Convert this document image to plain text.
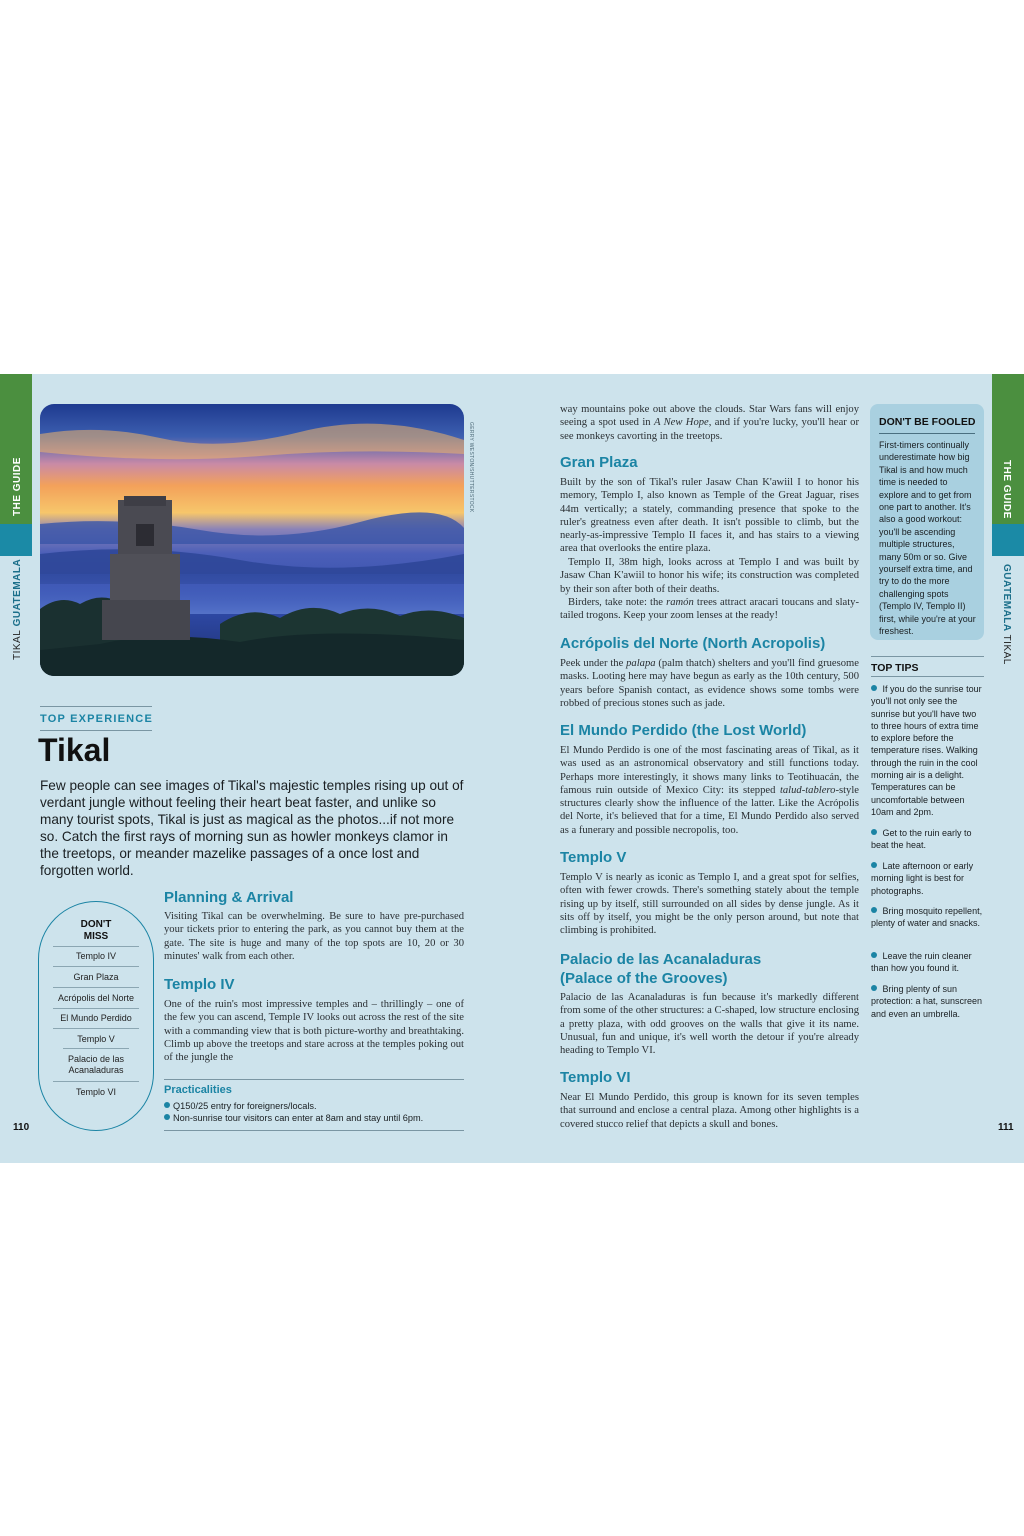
THE GUIDE
TIKAL GUATEMALA
THE GUIDE
GUATEMALA TIKAL
GERRY WESTON/SHUTTERSTOCK
TOP EXPERIENCE
Tikal
Few people can see images of Tikal's majestic temples rising up out of verdant jungle without feeling their heart beat faster, and unlike so many tourist spots, Tikal is just as magical as the photos...if not more so. Catch the first rays of morning sun as howler monkeys clamor in the treetops, or meander mazelike passages of a once lost and forgotten world.
DON'T
MISS
Templo IV
Gran Plaza
Acrópolis del Norte
El Mundo Perdido
Templo V
Palacio de las Acanaladuras
Templo VI
Planning & Arrival
Visiting Tikal can be overwhelming. Be sure to have pre-purchased your tickets prior to entering the park, as you cannot buy them at the gate. The site is huge and many of the top spots are 10, 20 or 30 minutes' walk from each other.
Templo IV
One of the ruin's most impressive temples and – thrillingly – one of the few you can ascend, Temple IV looks out across the rest of the site with a commanding view that is both picture-worthy and breathtaking. Climb up above the treetops and stare across at the temples poking out of the jungle the
Practicalities
Q150/25 entry for foreigners/locals.
Non-sunrise tour visitors can enter at 8am and stay until 6pm.
110	111
way mountains poke out above the clouds. Star Wars fans will enjoy seeing a spot used in A New Hope, and if you're lucky, you'll hear or see monkeys cavorting in the treetops.
Gran Plaza
Built by the son of Tikal's ruler Jasaw Chan K'awiil I to honor his memory, Templo I, also known as Temple of the Great Jaguar, rises 44m vertically; a stately, commanding presence that spoke to the ruler's greatness even after death. It isn't possible to climb, but the nearly-as-impressive Templo II faces it, and has stairs to a viewing area that overlooks the entire plaza.
Templo II, 38m high, looks across at Templo I and was built by Jasaw Chan K'awiil to honor his wife; its construction was completed by their son after both of their deaths.
Birders, take note: the ramón trees attract aracari toucans and slaty-tailed trogons. Keep your zoom lenses at the ready!
Acrópolis del Norte (North Acropolis)
Peek under the palapa (palm thatch) shelters and you'll find gruesome masks. Looting here may have begun as early as the 10th century, 500 years before Spanish contact, as evidence shows some tombs were robbed of precious stones such as jade.
El Mundo Perdido (the Lost World)
El Mundo Perdido is one of the most fascinating areas of Tikal, as it was used as an astronomical observatory and still functions today. Perhaps more interestingly, it shows many links to Teotihuacán, the famous ruin outside of Mexico City: its stepped talud-tablero-style structures clearly show the influence of the latter. Like the Acrópolis del Norte, it's believed that for a time, El Mundo Perdido also served as a funerary and possible necropolis, too.
Templo V
Templo V is nearly as iconic as Templo I, and a great spot for selfies, often with fewer crowds. There's something stately about the temple rising up by itself, still surrounded on all sides by dense jungle. As it sits off by itself, you might be the only person around, but note that climbing is prohibited.
Palacio de las Acanaladuras
(Palace of the Grooves)
Palacio de las Acanaladuras is fun because it's markedly different from some of the other structures: a C-shaped, low structure enclosing a pretty plaza, with odd grooves on the walls that give it its name. Unusual, fun and unique, it's well worth the detour if you're already heading to Templo VI.
Templo VI
Near El Mundo Perdido, this group is known for its seven temples that surround and enclose a central plaza. Among other highlights is a covered stucco relief that depicts a skull and bones.
DON'T BE FOOLED
First-timers continually underestimate how big Tikal is and how much time is needed to explore and to get from one part to another. It's also a good workout: you'll be ascending multiple structures, many 50m or so. Give yourself extra time, and try to do the more challenging spots (Templo IV, Templo II) first, while you're at your freshest.
TOP TIPS
If you do the sunrise tour you'll not only see the sunrise but you'll have two to three hours of extra time to explore before the temperature rises. Walking through the ruin in the cool morning air is a delight. Temperatures can be uncomfortable between 10am and 2pm.
Get to the ruin early to beat the heat.
Late afternoon or early morning light is best for photographs.
Bring mosquito repellent, plenty of water and snacks.
Leave the ruin cleaner than how you found it.
Bring plenty of sun protection: a hat, sunscreen and even an umbrella.
